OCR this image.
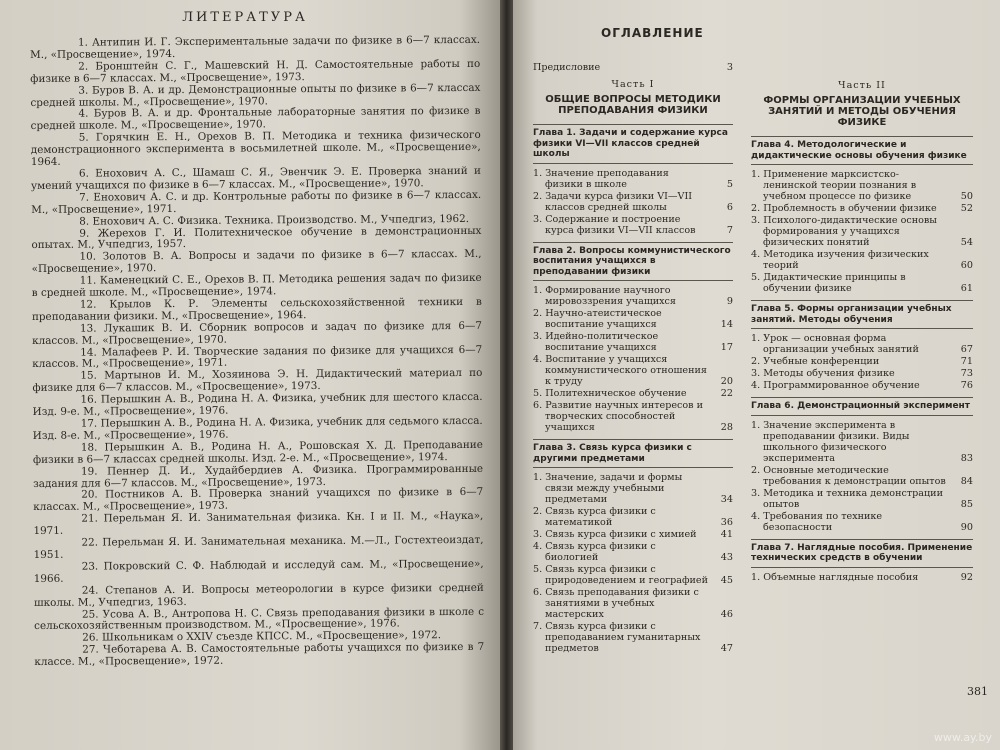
ЛИТЕРАТУРА
1. Антипин И. Г. Экспериментальные задачи по физике в 6—7 классах. М., «Просвещение», 1974.
2. Бронштейн С. Г., Машевский Н. Д. Самостоятельные работы по физике в 6—7 классах. М., «Просвещение», 1973.
3. Буров В. А. и др. Демонстрационные опыты по физике в 6—7 классах средней школы. М., «Просвещение», 1970.
4. Буров В. А. и др. Фронтальные лабораторные занятия по физике в средней школе. М., «Просвещение», 1970.
5. Горячкин Е. Н., Орехов В. П. Методика и техника физического демонстрационного эксперимента в восьмилетней школе. М., «Просвещение», 1964.
6. Енохович А. С., Шамаш С. Я., Эвенчик Э. Е. Проверка знаний и умений учащихся по физике в 6—7 классах. М., «Просвещение», 1970.
7. Енохович А. С. и др. Контрольные работы по физике в 6—7 классах. М., «Просвещение», 1971.
8. Енохович А. С. Физика. Техника. Производство. М., Учпедгиз, 1962.
9. Жерехов Г. И. Политехническое обучение в демонстрационных опытах. М., Учпедгиз, 1957.
10. Золотов В. А. Вопросы и задачи по физике в 6—7 классах. М., «Просвещение», 1970.
11. Каменецкий С. Е., Орехов В. П. Методика решения задач по физике в средней школе. М., «Просвещение», 1974.
12. Крылов К. Р. Элементы сельскохозяйственной техники в преподавании физики. М., «Просвещение», 1964.
13. Лукашик В. И. Сборник вопросов и задач по физике для 6—7 классов. М., «Просвещение», 1970.
14. Малафеев Р. И. Творческие задания по физике для учащихся 6—7 классов. М., «Просвещение», 1971.
15. Мартынов И. М., Хозяинова Э. Н. Дидактический материал по физике для 6—7 классов. М., «Просвещение», 1973.
16. Перышкин А. В., Родина Н. А. Физика, учебник для шестого класса. Изд. 9-е. М., «Просвещение», 1976.
17. Перышкин А. В., Родина Н. А. Физика, учебник для седьмого класса. Изд. 8-е. М., «Просвещение», 1976.
18. Перышкин А. В., Родина Н. А., Рошовская Х. Д. Преподавание физики в 6—7 классах средней школы. Изд. 2-е. М., «Просвещение», 1974.
19. Пеннер Д. И., Худайбердиев А. Физика. Программированные задания для 6—7 классов. М., «Просвещение», 1973.
20. Постников А. В. Проверка знаний учащихся по физике в 6—7 классах. М., «Просвещение», 1973.
21. Перельман Я. И. Занимательная физика. Кн. I и II. М., «Наука», 1971.
22. Перельман Я. И. Занимательная механика. М.—Л., Гостехтеоиздат, 1951.
23. Покровский С. Ф. Наблюдай и исследуй сам. М., «Просвещение», 1966.
24. Степанов А. И. Вопросы метеорологии в курсе физики средней школы. М., Учпедгиз, 1963.
25. Усова А. В., Антропова Н. С. Связь преподавания физики в школе с сельскохозяйственным производством. М., «Просвещение», 1976.
26. Школьникам о XXIV съезде КПСС. М., «Просвещение», 1972.
27. Чеботарева А. В. Самостоятельные работы учащихся по физике в 7 классе. М., «Просвещение», 1972.
ОГЛАВЛЕНИЕ
Предисловие	3
Часть I
ОБЩИЕ ВОПРОСЫ МЕТОДИКИ ПРЕПОДАВАНИЯ ФИЗИКИ
Глава 1. Задачи и содержание курса физики VI—VII классов средней школы
1. Значение преподавания физики в школе	5
2. Задачи курса физики VI—VII классов средней школы	6
3. Содержание и построение курса физики VI—VII классов	7
Глава 2. Вопросы коммунистического воспитания учащихся в преподавании физики
1. Формирование научного мировоззрения учащихся	9
2. Научно-атеистическое воспитание учащихся	14
3. Идейно-политическое воспитание учащихся	17
4. Воспитание у учащихся коммунистического отношения к труду	20
5. Политехническое обучение	22
6. Развитие научных интересов и творческих способностей учащихся	28
Глава 3. Связь курса физики с другими предметами
1. Значение, задачи и формы связи между учебными предметами	34
2. Связь курса физики с математикой	36
3. Связь курса физики с химией	41
4. Связь курса физики с биологией	43
5. Связь курса физики с природоведением и географией	45
6. Связь преподавания физики с занятиями в учебных мастерских	46
7. Связь курса физики с преподаванием гуманитарных предметов	47
Часть II
ФОРМЫ ОРГАНИЗАЦИИ УЧЕБНЫХ ЗАНЯТИЙ И МЕТОДЫ ОБУЧЕНИЯ ФИЗИКЕ
Глава 4. Методологические и дидактические основы обучения физике
1. Применение марксистско-ленинской теории познания в учебном процессе по физике	50
2. Проблемность в обучении физике	52
3. Психолого-дидактические основы формирования у учащихся физических понятий	54
4. Методика изучения физических теорий	60
5. Дидактические принципы в обучении физике	61
Глава 5. Формы организации учебных занятий. Методы обучения
1. Урок — основная форма организации учебных занятий	67
2. Учебные конференции	71
3. Методы обучения физике	73
4. Программированное обучение	76
Глава 6. Демонстрационный эксперимент
1. Значение эксперимента в преподавании физики. Виды школьного физического эксперимента	83
2. Основные методические требования к демонстрации опытов	84
3. Методика и техника демонстрации опытов	85
4. Требования по технике безопасности	90
Глава 7. Наглядные пособия. Применение технических средств в обучении
1. Объемные наглядные пособия	92
381
www.ay.by
